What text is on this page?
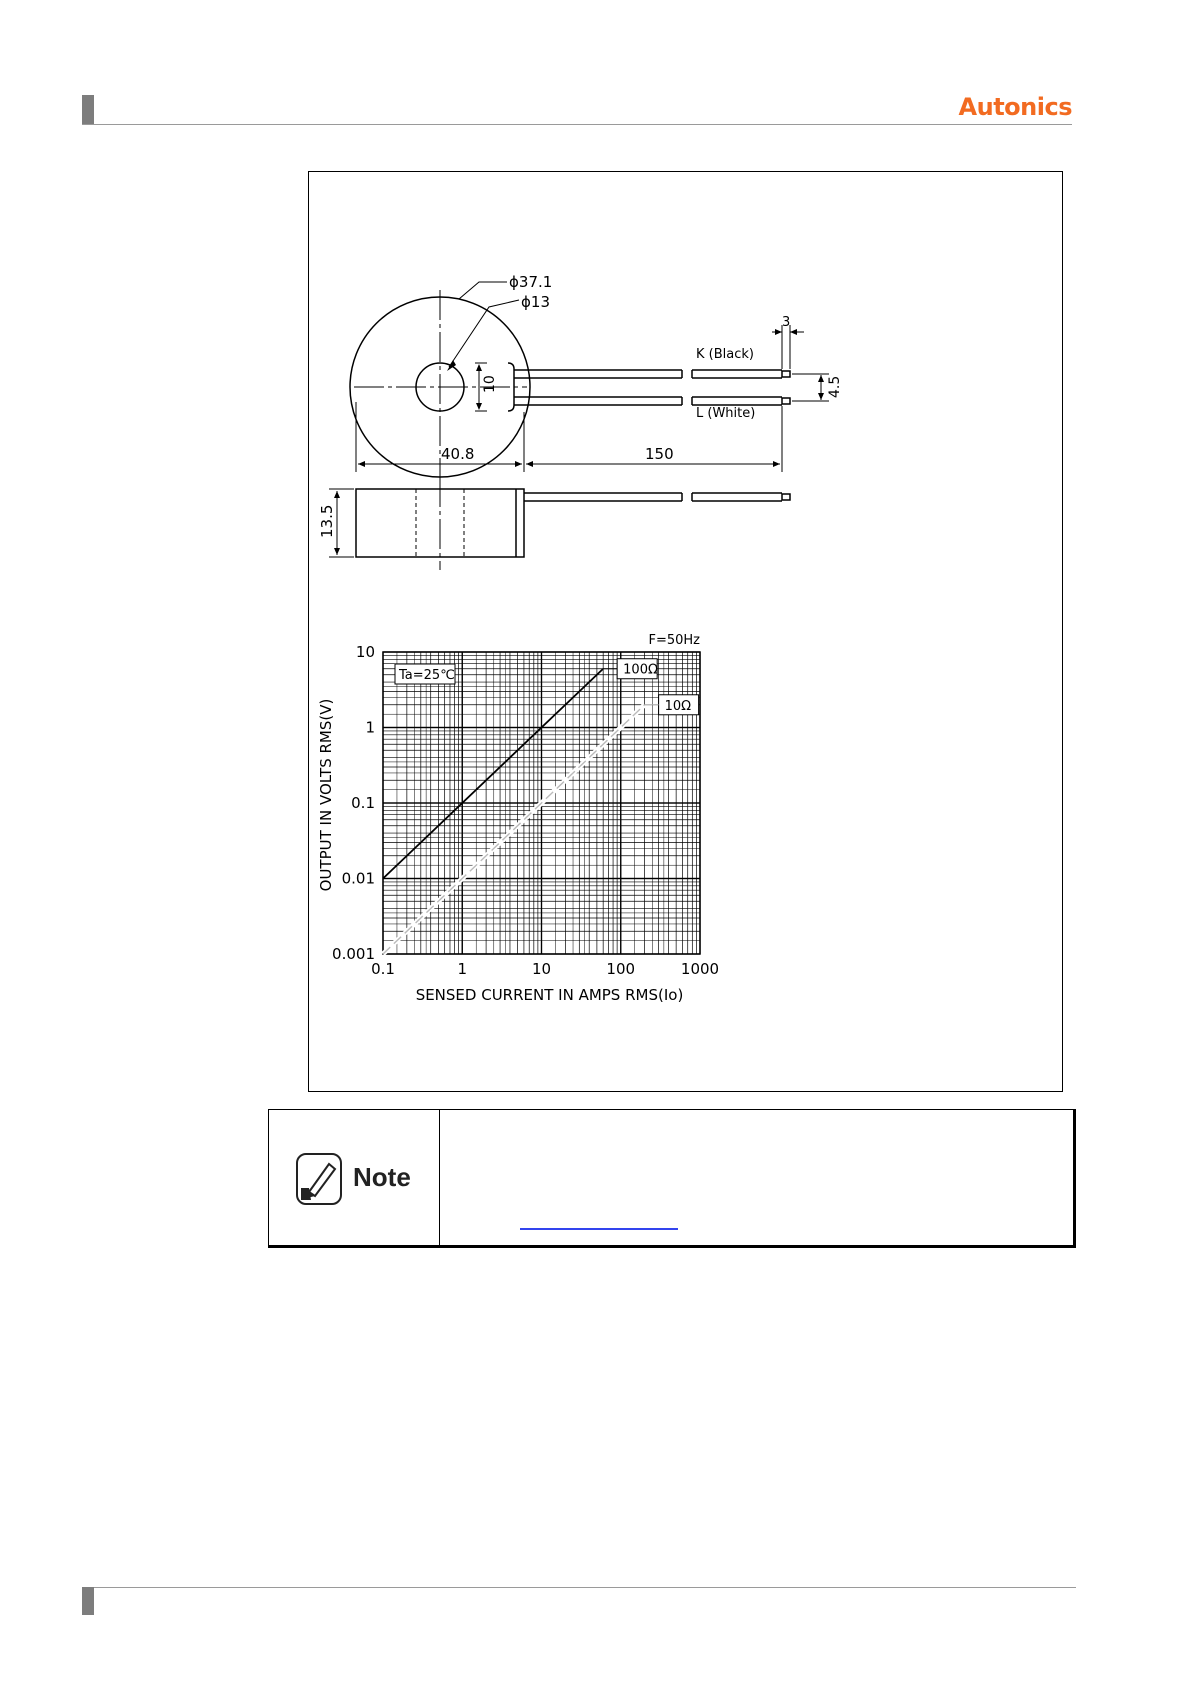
Autonics
ϕ37.1
ϕ13
3
K (Black)
L (White)
40.8	150
10	4.5
13.5
100Ω
10Ω
Ta=25℃
F=50Hz
0.1	1	10	100	1000
10
1
0.1
0.01
0.001
SENSED CURRENT IN AMPS RMS(Io)
OUTPUT IN VOLTS RMS(V)
Note
